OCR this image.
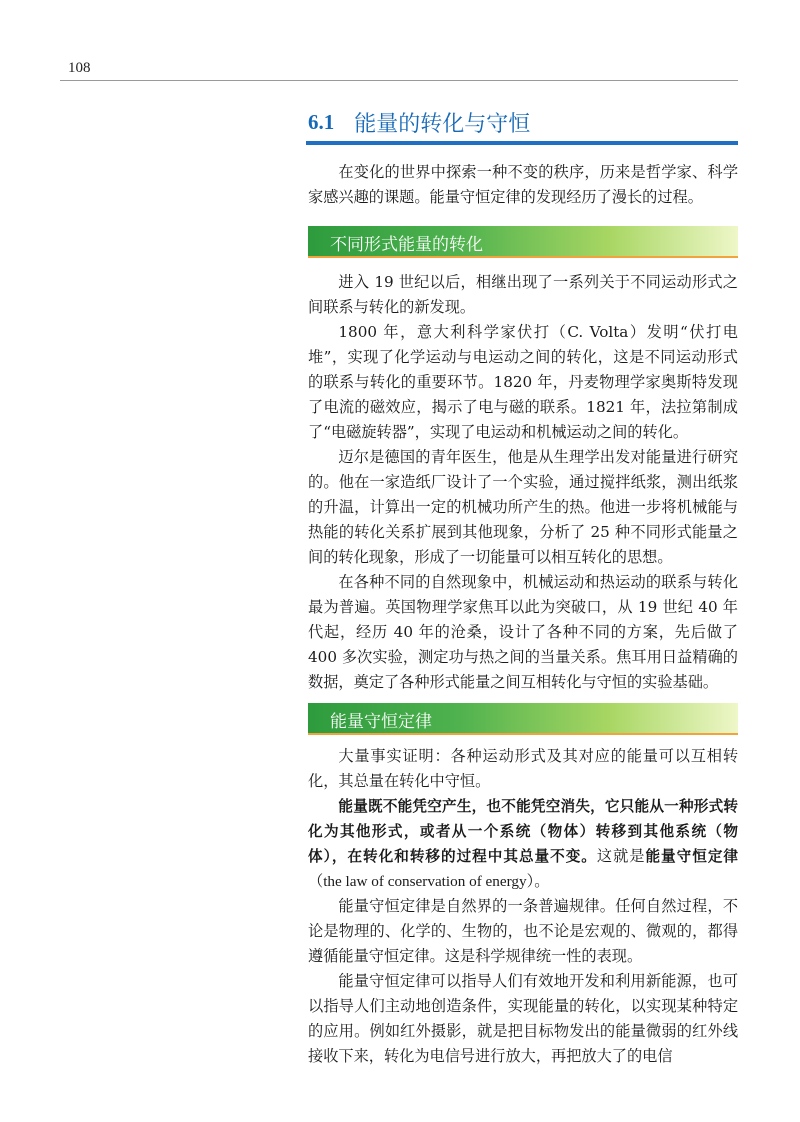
108
6.1 能量的转化与守恒

在变化的世界中探索一种不变的秩序，历来是哲学家、科学家感兴趣的课题。能量守恒定律的发现经历了漫长的过程。

不同形式能量的转化

进入 19 世纪以后，相继出现了一系列关于不同运动形式之间联系与转化的新发现。

1800 年，意大利科学家伏打（C. Volta）发明“伏打电堆”，实现了化学运动与电运动之间的转化，这是不同运动形式的联系与转化的重要环节。1820 年，丹麦物理学家奥斯特发现了电流的磁效应，揭示了电与磁的联系。1821 年，法拉第制成了“电磁旋转器”，实现了电运动和机械运动之间的转化。

迈尔是德国的青年医生，他是从生理学出发对能量进行研究的。他在一家造纸厂设计了一个实验，通过搅拌纸浆，测出纸浆的升温，计算出一定的机械功所产生的热。他进一步将机械能与热能的转化关系扩展到其他现象，分析了 25 种不同形式能量之间的转化现象，形成了一切能量可以相互转化的思想。

在各种不同的自然现象中，机械运动和热运动的联系与转化最为普遍。英国物理学家焦耳以此为突破口，从 19 世纪 40 年代起，经历 40 年的沧桑，设计了各种不同的方案，先后做了 400 多次实验，测定功与热之间的当量关系。焦耳用日益精确的数据，奠定了各种形式能量之间互相转化与守恒的实验基础。

能量守恒定律

大量事实证明：各种运动形式及其对应的能量可以互相转化，其总量在转化中守恒。

能量既不能凭空产生，也不能凭空消失，它只能从一种形式转化为其他形式，或者从一个系统（物体）转移到其他系统（物体），在转化和转移的过程中其总量不变。这就是能量守恒定律（the law of conservation of energy）。

能量守恒定律是自然界的一条普遍规律。任何自然过程，不论是物理的、化学的、生物的，也不论是宏观的、微观的，都得遵循能量守恒定律。这是科学规律统一性的表现。

能量守恒定律可以指导人们有效地开发和利用新能源，也可以指导人们主动地创造条件，实现能量的转化，以实现某种特定的应用。例如红外摄影，就是把目标物发出的能量微弱的红外线接收下来，转化为电信号进行放大，再把放大了的电信
